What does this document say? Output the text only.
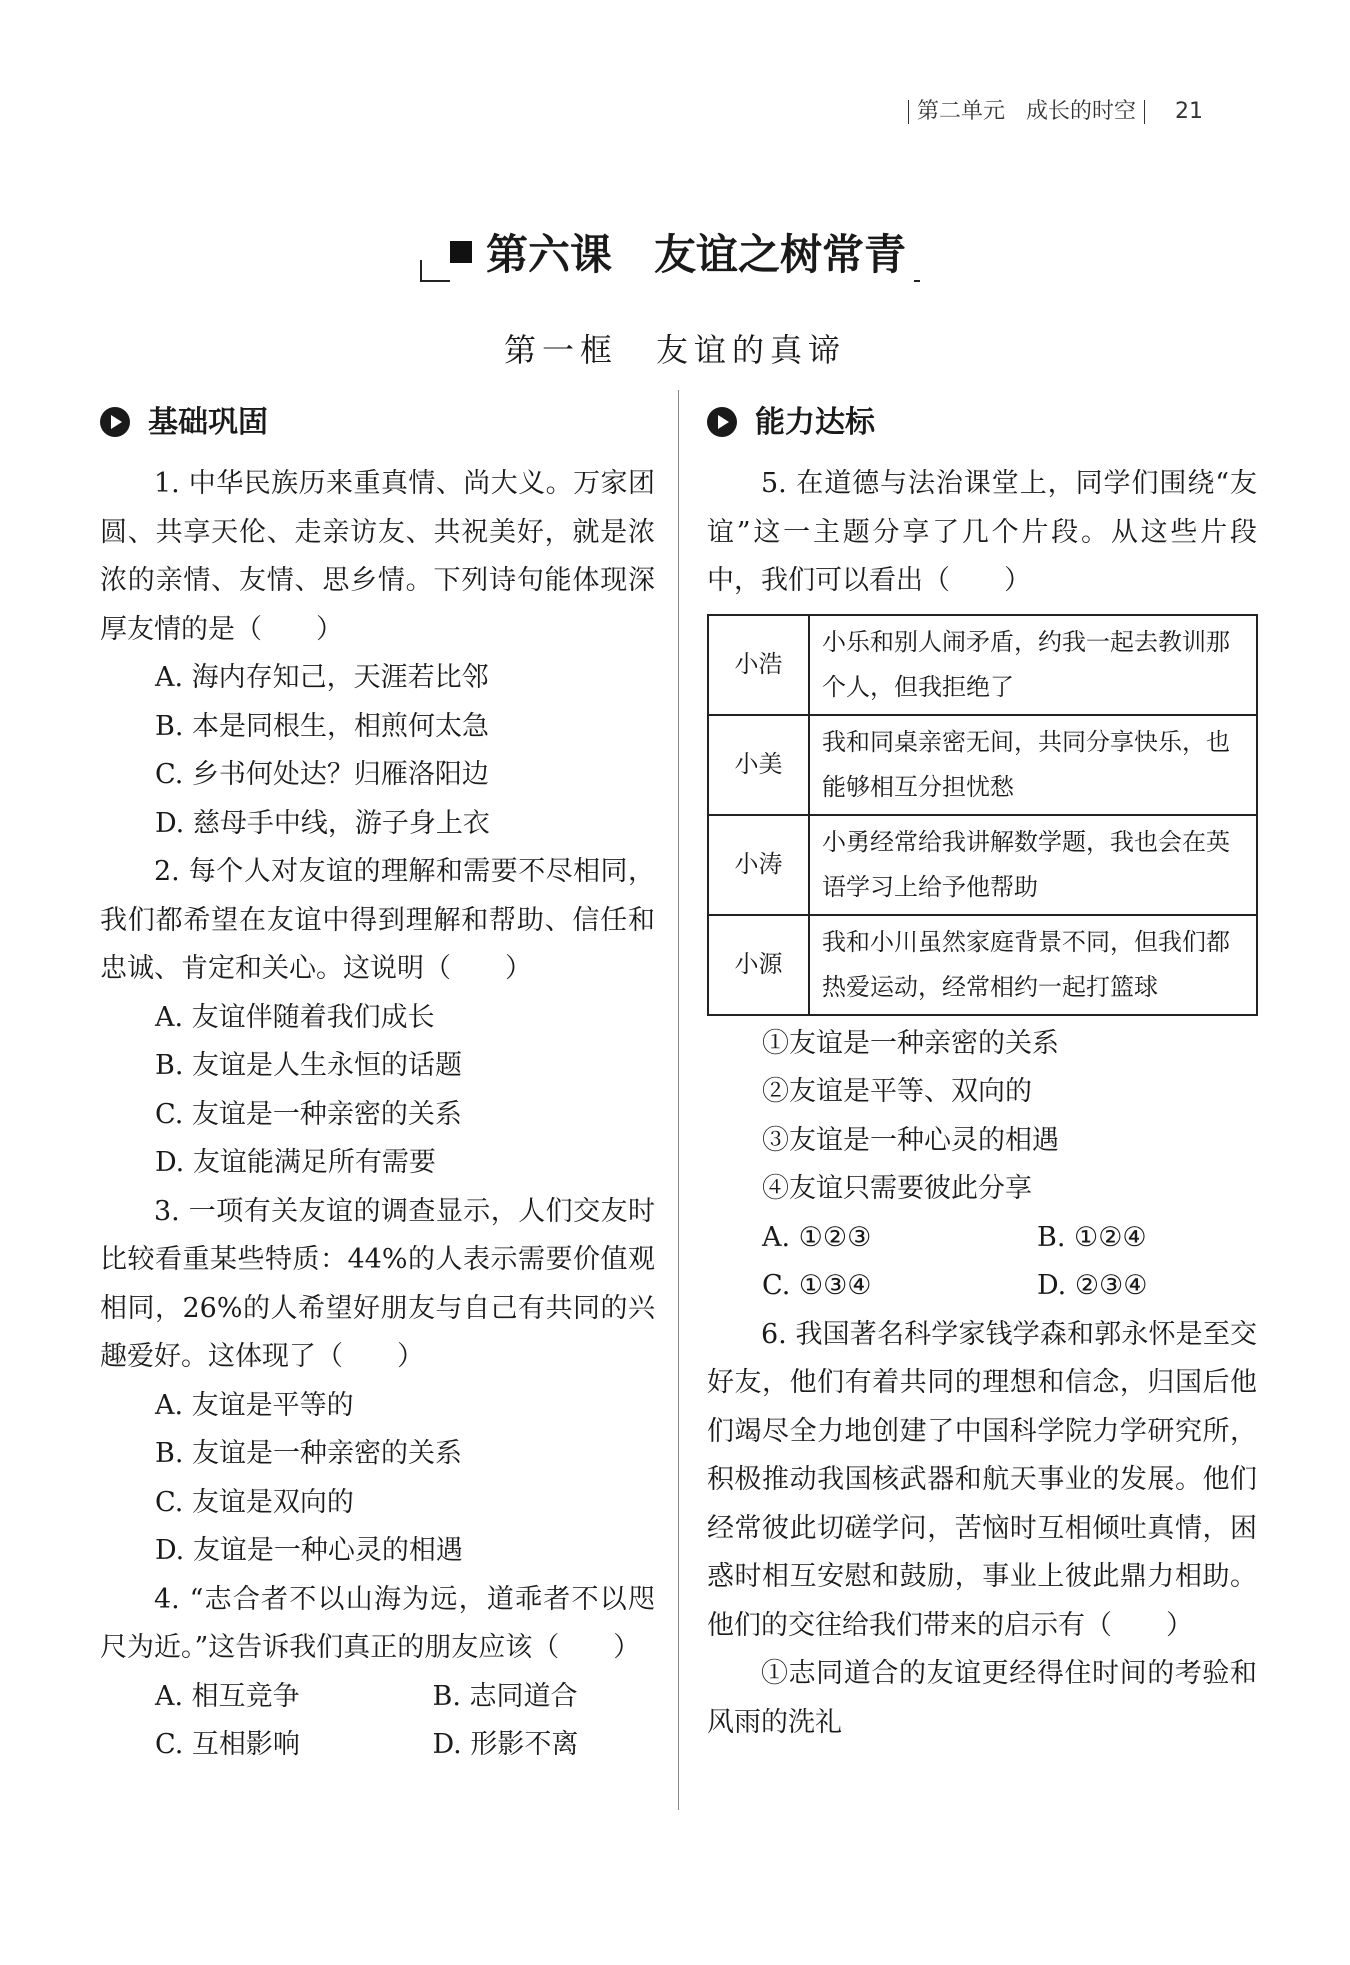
第二单元 成长的时空 21
第六课　友谊之树常青
第一框　友谊的真谛
基础巩固

1. 中华民族历来重真情、尚大义。万家团圆、共享天伦、走亲访友、共祝美好，就是浓浓的亲情、友情、思乡情。下列诗句能体现深厚友情的是（　　）

A. 海内存知己，天涯若比邻

B. 本是同根生，相煎何太急

C. 乡书何处达？归雁洛阳边

D. 慈母手中线，游子身上衣

2. 每个人对友谊的理解和需要不尽相同，我们都希望在友谊中得到理解和帮助、信任和忠诚、肯定和关心。这说明（　　）

A. 友谊伴随着我们成长

B. 友谊是人生永恒的话题

C. 友谊是一种亲密的关系

D. 友谊能满足所有需要

3. 一项有关友谊的调查显示，人们交友时比较看重某些特质：44%的人表示需要价值观相同，26%的人希望好朋友与自己有共同的兴趣爱好。这体现了（　　）

A. 友谊是平等的

B. 友谊是一种亲密的关系

C. 友谊是双向的

D. 友谊是一种心灵的相遇

4. “志合者不以山海为远，道乖者不以咫尺为近。”这告诉我们真正的朋友应该（　　）

A. 相互竞争	B. 志同道合

C. 互相影响	D. 形影不离

能力达标

5. 在道德与法治课堂上，同学们围绕“友谊”这一主题分享了几个片段。从这些片段中，我们可以看出（　　）

小浩	小乐和别人闹矛盾，约我一起去教训那个人，但我拒绝了
小美	我和同桌亲密无间，共同分享快乐，也能够相互分担忧愁
小涛	小勇经常给我讲解数学题，我也会在英语学习上给予他帮助
小源	我和小川虽然家庭背景不同，但我们都热爱运动，经常相约一起打篮球

①友谊是一种亲密的关系

②友谊是平等、双向的

③友谊是一种心灵的相遇

④友谊只需要彼此分享

A. ①②③	B. ①②④

C. ①③④	D. ②③④

6. 我国著名科学家钱学森和郭永怀是至交好友，他们有着共同的理想和信念，归国后他们竭尽全力地创建了中国科学院力学研究所，积极推动我国核武器和航天事业的发展。他们经常彼此切磋学问，苦恼时互相倾吐真情，困惑时相互安慰和鼓励，事业上彼此鼎力相助。他们的交往给我们带来的启示有（　　）

①志同道合的友谊更经得住时间的考验和风雨的洗礼
